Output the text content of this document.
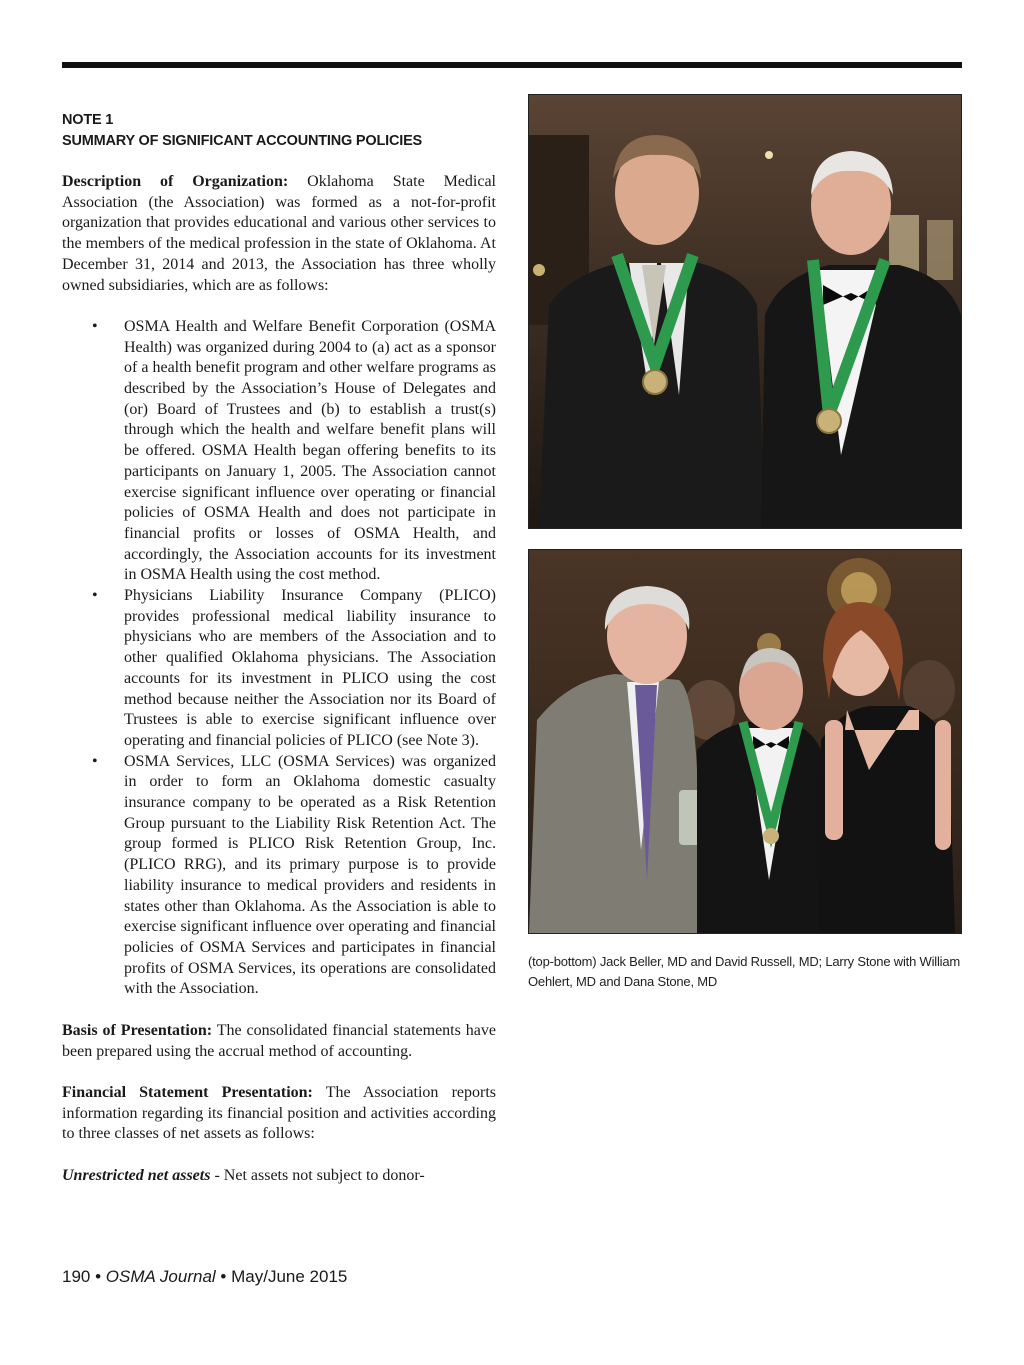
NOTE 1
SUMMARY OF SIGNIFICANT ACCOUNTING POLICIES

Description of Organization: Oklahoma State Medical Association (the Association) was formed as a not-for-profit organization that provides educational and various other services to the members of the medical profession in the state of Oklahoma. At December 31, 2014 and 2013, the Association has three wholly owned subsidiaries, which are as follows:

• OSMA Health and Welfare Benefit Corporation (OSMA Health) was organized during 2004 to (a) act as a sponsor of a health benefit program and other welfare programs as described by the Association’s House of Delegates and (or) Board of Trustees and (b) to establish a trust(s) through which the health and welfare benefit plans will be offered. OSMA Health began offering benefits to its participants on January 1, 2005. The Association cannot exercise significant influence over operating or financial policies of OSMA Health and does not participate in financial profits or losses of OSMA Health, and accordingly, the Association accounts for its investment in OSMA Health using the cost method.
• Physicians Liability Insurance Company (PLICO) provides professional medical liability insurance to physicians who are members of the Association and to other qualified Oklahoma physicians. The Association accounts for its investment in PLICO using the cost method because neither the Association nor its Board of Trustees is able to exercise significant influence over operating and financial policies of PLICO (see Note 3).
• OSMA Services, LLC (OSMA Services) was organized in order to form an Oklahoma domestic casualty insurance company to be operated as a Risk Retention Group pursuant to the Liability Risk Retention Act. The group formed is PLICO Risk Retention Group, Inc. (PLICO RRG), and its primary purpose is to provide liability insurance to medical providers and residents in states other than Oklahoma. As the Association is able to exercise significant influence over operating and financial policies of OSMA Services and participates in financial profits of OSMA Services, its operations are consolidated with the Association.

Basis of Presentation: The consolidated financial statements have been prepared using the accrual method of accounting.

Financial Statement Presentation: The Association reports information regarding its financial position and activities according to three classes of net assets as follows:

Unrestricted net assets - Net assets not subject to donor-

(top-bottom) Jack Beller, MD and David Russell, MD; Larry Stone with William Oehlert, MD and Dana Stone, MD
190 • OSMA Journal • May/June 2015
